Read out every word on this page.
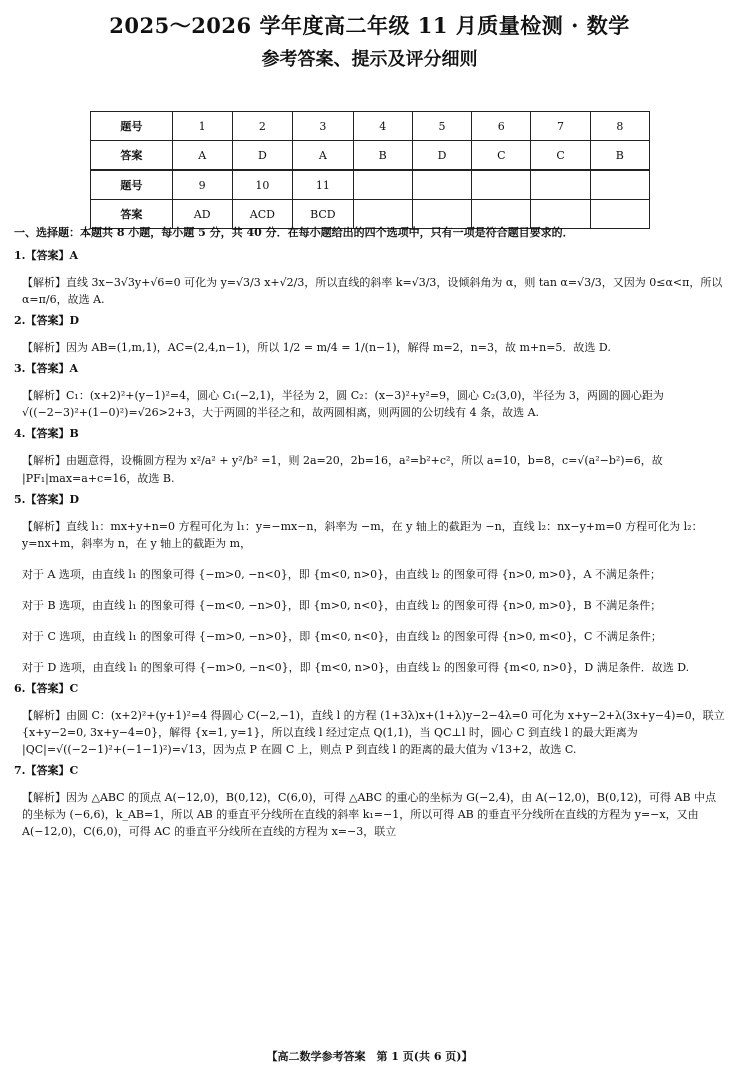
2025～2026 学年度高二年级 11 月质量检测 · 数学
参考答案、提示及评分细则
题号	1	2	3	4	5	6	7	8
答案	A	D	A	B	D	C	C	B
题号	9	10	11					
答案	AD	ACD	BCD					
一、选择题：本题共 8 小题，每小题 5 分，共 40 分．在每小题给出的四个选项中，只有一项是符合题目要求的．
1.【答案】A
【解析】直线 3x−3√3y+√6=0 可化为 y=√3/3 x+√2/3，所以直线的斜率 k=√3/3，设倾斜角为 α，则 tan α=√3/3，又因为 0≤α<π，所以 α=π/6，故选 A.
2.【答案】D
【解析】因为 AB=(1,m,1)，AC=(2,4,n−1)，所以 1/2 = m/4 = 1/(n−1)，解得 m=2，n=3，故 m+n=5．故选 D.
3.【答案】A
【解析】C₁：(x+2)²+(y−1)²=4，圆心 C₁(−2,1)，半径为 2，圆 C₂：(x−3)²+y²=9，圆心 C₂(3,0)，半径为 3，两圆的圆心距为 √((−2−3)²+(1−0)²)=√26>2+3，大于两圆的半径之和，故两圆相离，则两圆的公切线有 4 条，故选 A.
4.【答案】B
【解析】由题意得，设椭圆方程为 x²/a² + y²/b² =1，则 2a=20，2b=16，a²=b²+c²，所以 a=10，b=8，c=√(a²−b²)=6，故 |PF₁|max=a+c=16，故选 B.
5.【答案】D
【解析】直线 l₁：mx+y+n=0 方程可化为 l₁：y=−mx−n，斜率为 −m，在 y 轴上的截距为 −n，直线 l₂：nx−y+m=0 方程可化为 l₂：y=nx+m，斜率为 n，在 y 轴上的截距为 m，
对于 A 选项，由直线 l₁ 的图象可得 {−m>0, −n<0}，即 {m<0, n>0}，由直线 l₂ 的图象可得 {n>0, m>0}，A 不满足条件；
对于 B 选项，由直线 l₁ 的图象可得 {−m<0, −n>0}，即 {m>0, n<0}，由直线 l₂ 的图象可得 {n>0, m>0}，B 不满足条件；
对于 C 选项，由直线 l₁ 的图象可得 {−m>0, −n>0}，即 {m<0, n<0}，由直线 l₂ 的图象可得 {n>0, m<0}，C 不满足条件；
对于 D 选项，由直线 l₁ 的图象可得 {−m>0, −n<0}，即 {m<0, n>0}，由直线 l₂ 的图象可得 {m<0, n>0}，D 满足条件．故选 D.
6.【答案】C
【解析】由圆 C：(x+2)²+(y+1)²=4 得圆心 C(−2,−1)，直线 l 的方程 (1+3λ)x+(1+λ)y−2−4λ=0 可化为 x+y−2+λ(3x+y−4)=0，联立 {x+y−2=0, 3x+y−4=0}，解得 {x=1, y=1}，所以直线 l 经过定点 Q(1,1)，当 QC⊥l 时，圆心 C 到直线 l 的最大距离为 |QC|=√((−2−1)²+(−1−1)²)=√13，因为点 P 在圆 C 上，则点 P 到直线 l 的距离的最大值为 √13+2，故选 C.
7.【答案】C
【解析】因为 △ABC 的顶点 A(−12,0)，B(0,12)，C(6,0)，可得 △ABC 的重心的坐标为 G(−2,4)，由 A(−12,0)，B(0,12)，可得 AB 中点的坐标为 (−6,6)，k_AB=1，所以 AB 的垂直平分线所在直线的斜率 k₁=−1，所以可得 AB 的垂直平分线所在直线的方程为 y=−x，又由 A(−12,0)，C(6,0)，可得 AC 的垂直平分线所在直线的方程为 x=−3，联立
【高二数学参考答案　第 1 页(共 6 页)】
